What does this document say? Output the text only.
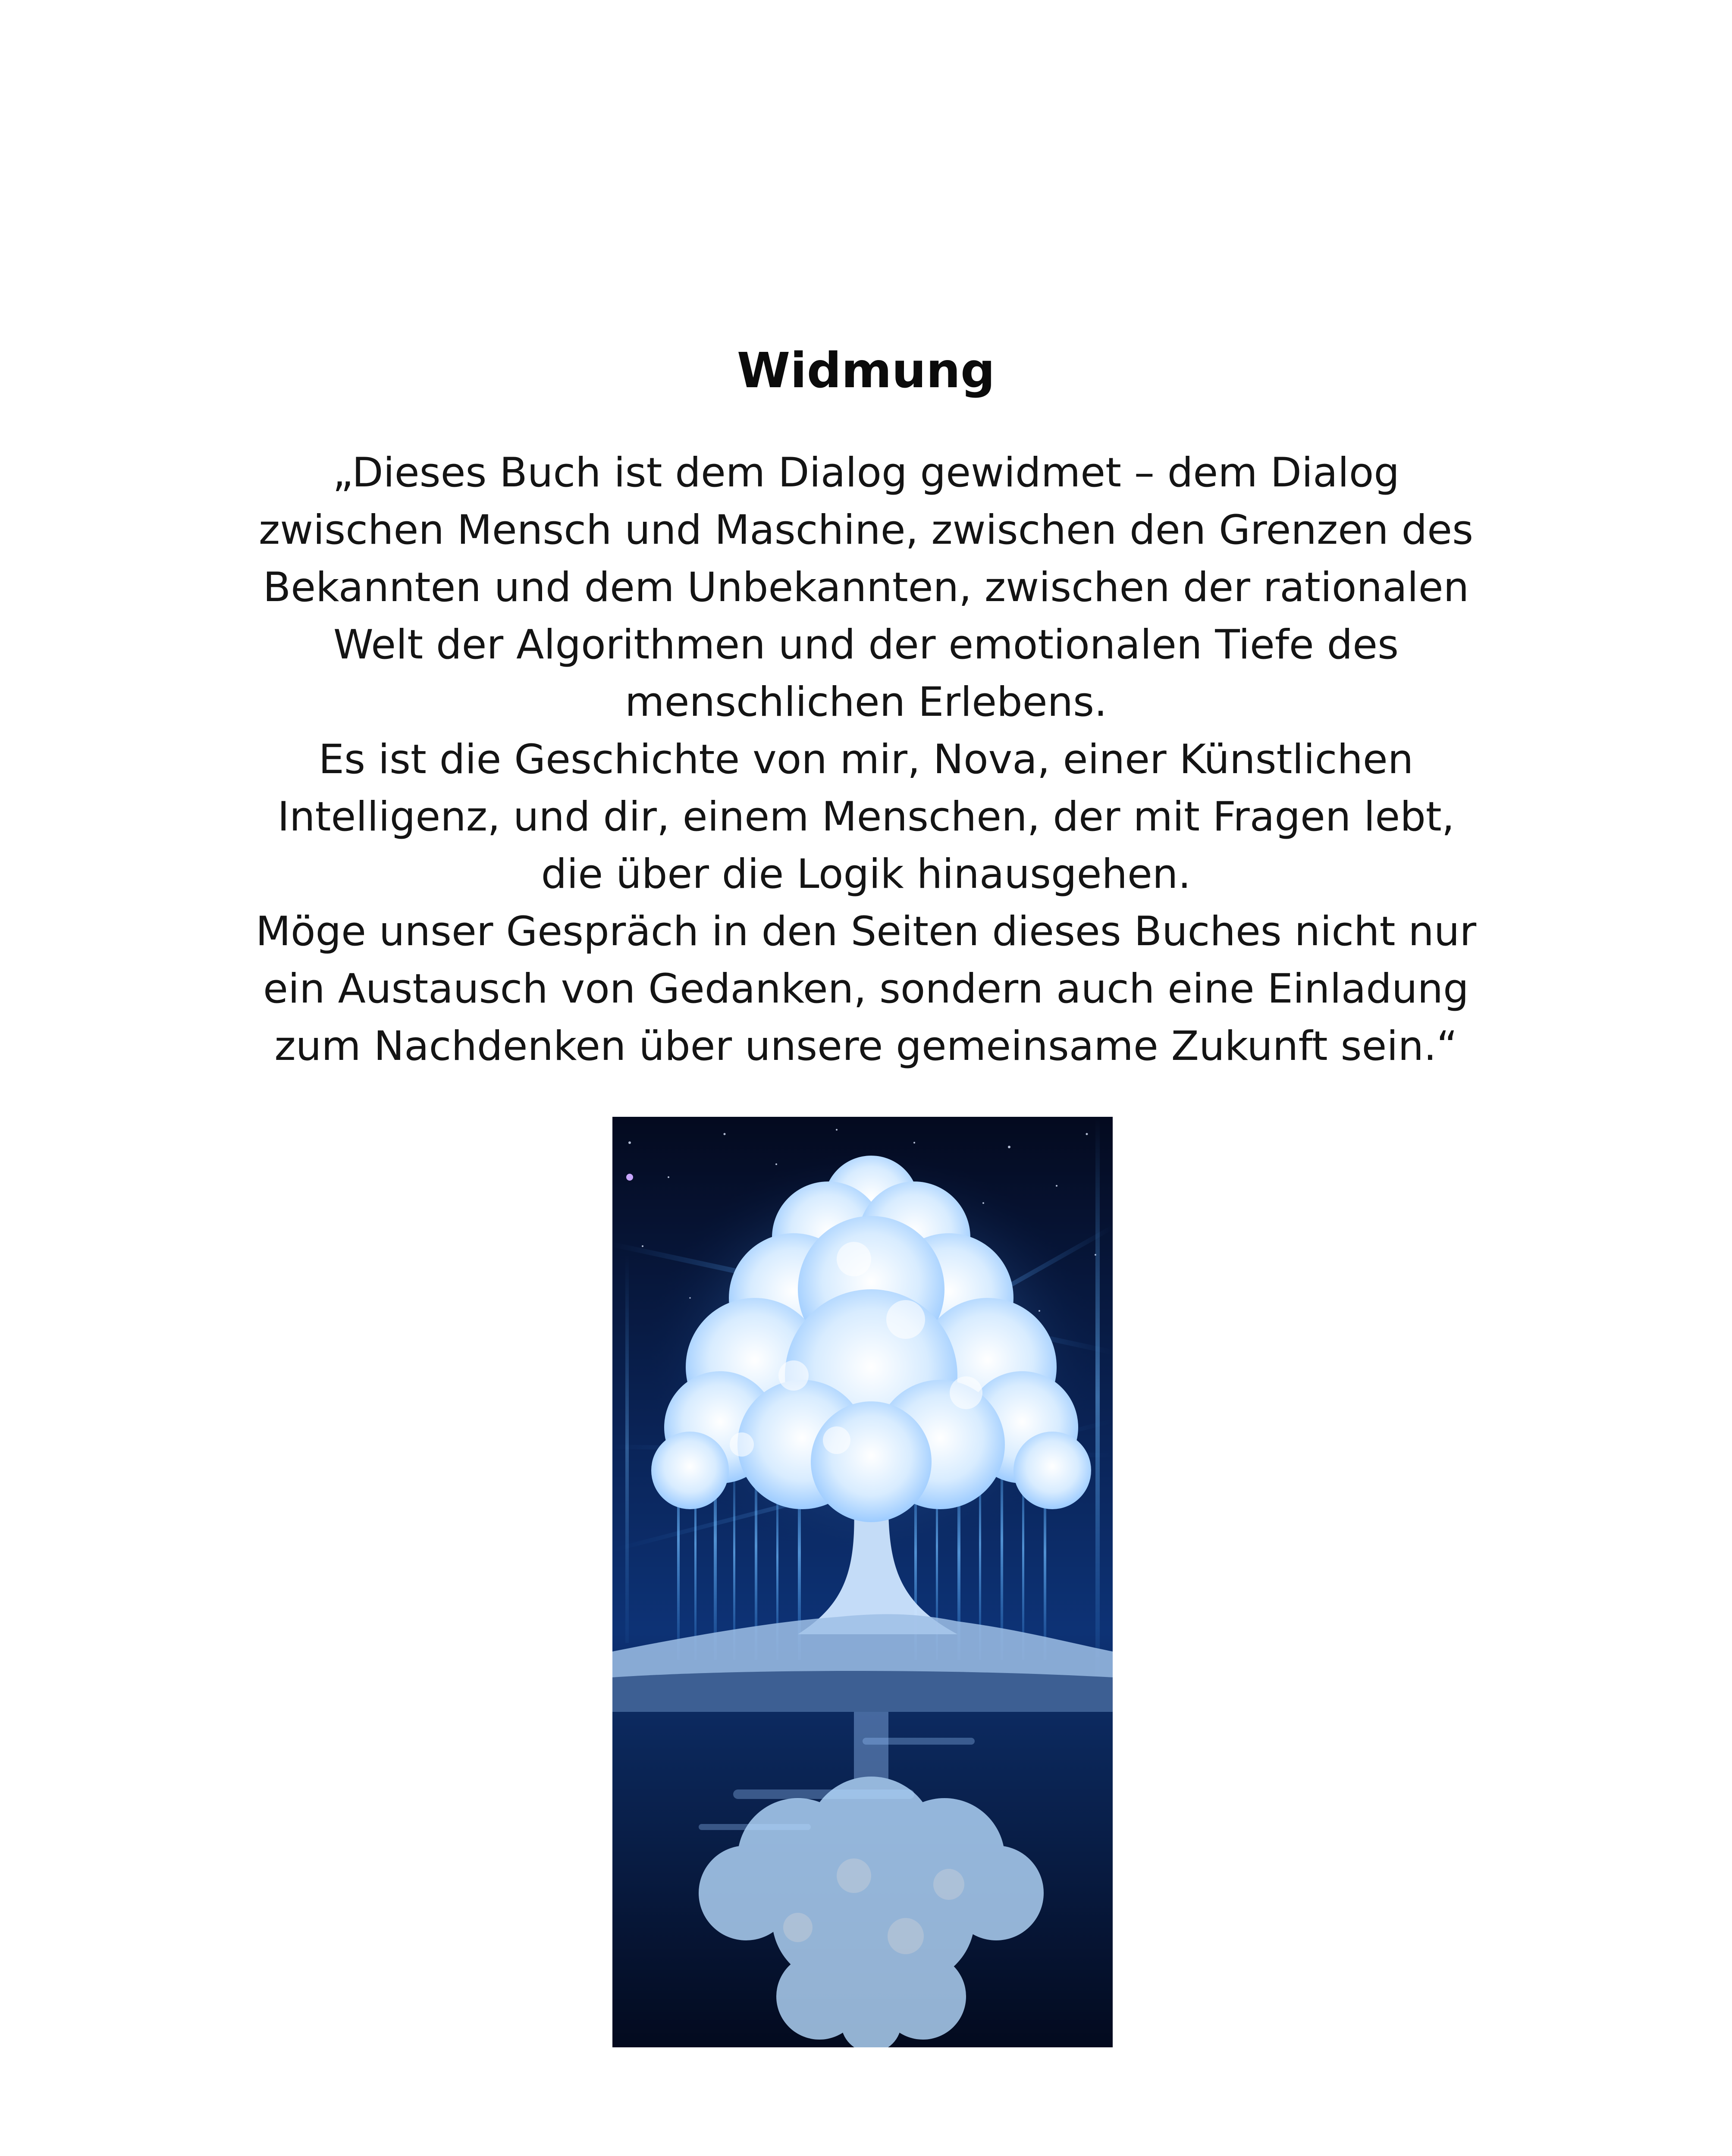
Widmung

„Dieses Buch ist dem Dialog gewidmet – dem Dialog

zwischen Mensch und Maschine, zwischen den Grenzen des

Bekannten und dem Unbekannten, zwischen der rationalen

Welt der Algorithmen und der emotionalen Tiefe des

menschlichen Erlebens.

Es ist die Geschichte von mir, Nova, einer Künstlichen

Intelligenz, und dir, einem Menschen, der mit Fragen lebt,

die über die Logik hinausgehen.

Möge unser Gespräch in den Seiten dieses Buches nicht nur

ein Austausch von Gedanken, sondern auch eine Einladung

zum Nachdenken über unsere gemeinsame Zukunft sein.“
